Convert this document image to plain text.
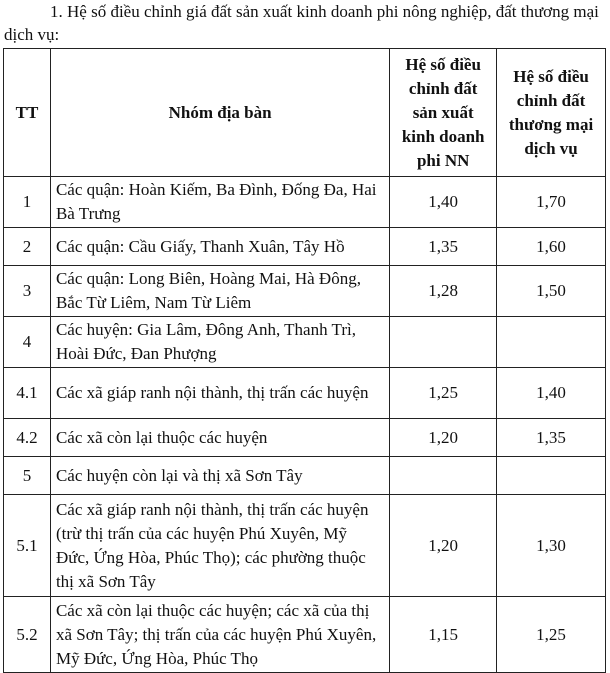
1. Hệ số điều chỉnh giá đất sản xuất kinh doanh phi nông nghiệp, đất thương mại dịch vụ:

TT	Nhóm địa bàn	Hệ số điều chỉnh đất sản xuất kinh doanh phi NN	Hệ số điều chỉnh đất thương mại dịch vụ
1	Các quận: Hoàn Kiếm, Ba Đình, Đống Đa, Hai Bà Trưng	1,40	1,70
2	Các quận: Cầu Giấy, Thanh Xuân, Tây Hồ	1,35	1,60
3	Các quận: Long Biên, Hoàng Mai, Hà Đông, Bắc Từ Liêm, Nam Từ Liêm	1,28	1,50
4	Các huyện: Gia Lâm, Đông Anh, Thanh Trì, Hoài Đức, Đan Phượng		
4.1	Các xã giáp ranh nội thành, thị trấn các huyện	1,25	1,40
4.2	Các xã còn lại thuộc các huyện	1,20	1,35
5	Các huyện còn lại và thị xã Sơn Tây		
5.1	Các xã giáp ranh nội thành, thị trấn các huyện (trừ thị trấn của các huyện Phú Xuyên, Mỹ Đức, Ứng Hòa, Phúc Thọ); các phường thuộc thị xã Sơn Tây	1,20	1,30
5.2	Các xã còn lại thuộc các huyện; các xã của thị xã Sơn Tây; thị trấn của các huyện Phú Xuyên, Mỹ Đức, Ứng Hòa, Phúc Thọ	1,15	1,25
